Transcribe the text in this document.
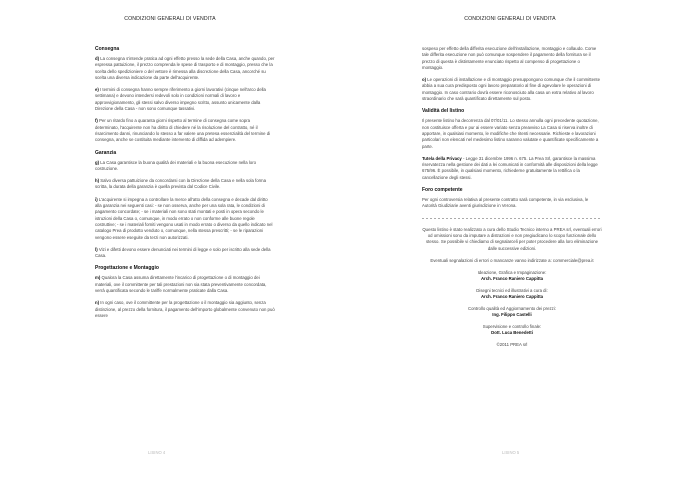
CONDIZIONI GENERALI DI VENDITA
Consegna

d) La consegna s'intende pratica ad ogni effetto presso la sede della Casa, anche quando, per espressa pattuizione, il prezzo comprenda le spese di trasporto e di montaggio, presso che la scelta dello spedizioniere o del vettore è rimessa alla discrezione della Casa, ancorché su scelta una diversa indicazione da parte dell'acquirente.

e) I termini di consegna hanno sempre riferimento a giorni lavorativi (cinque nell'arco della settimana) e devono intendersi redevoli solo in condizioni normali di lavoro e approvvigionamento, gli stessi salvo diverso impegno scritto, assunto unicamente dalla Direzione della Casa - non sono comunque tassativi.

f) Per un ritardo fino a quaranta giorni rispetto al termine di consegna come sopra determinato, l'acquirente non ha diritto di chiedere né la risoluzione del contratto, né il risarcimento danni, rinunciando lo stesso a far valere una pretesa essenzialità del termine di consegna, anche se costituita mediante intervento di diffida ad adempiere.

Garanzia

g) La Casa garantisce la buona qualità dei materiali e la buona esecuzione nella loro costruzione.

h) Salvo diversa pattuizione da concordarsi con la Direzione della Casa e nella sola forma scritta, la durata della garanzia è quella prevista dal Codice Civile.

i) L'acquirente si impegna a controllare la merce all'atto della consegna e decade dal diritto alla garanzia nei seguenti casi: - se non osserva, anche per una sola rata, le condizioni di pagamento concordate; - se i materiali non sono stati montati e posti in opera secondo le istruzioni della Casa o, comunque, in modo errato o non conforme alle buone regole costruttive; - se i materiali forniti vengono usati in modo errato o diverso da quello indicato nel catalogo Prea di prodotto venduto o, comunque, nella stessa prescritti; - se le riparazioni vengono essere eseguite da terzi non autorizzati.

l) Vizi e difetti devono essere denunciati nei termini di legge e solo per iscritto alla sede della Casa.

Progettazione e Montaggio

m) Qualora la Casa assuma direttamente l'incarico di progettazione o di montaggio dei materiali, ove il committente per tali prestazioni non sia stata preventivamente concordata, verrà quantificata secondo le tariffe normalmente praticate dalla Casa.

n) In ogni caso, ove il committente per la progettazione o il montaggio sia aggiunto, senza distinzione, al prezzo della fornitura, il pagamento dell'importo globalmente convenuto non può essere

LISINO 4
CONDIZIONI GENERALI DI VENDITA

sospeso per effetto della differita esecuzione dell'installazione, montaggio e collaudo. Come tale differita esecuzione non può comunque sospendere il pagamento della fornitura se il prezzo di questa è distintamente enunciato rispetto al compenso di progettazione o montaggio.

o) Le operazioni di installazione e di montaggio presuppongono comunque che il committente abbia a sua cura predisposto ogni lavoro preparatorio al fine di agevolare le operazioni di montaggio. In caso contrario dovrà essere riconosciuto alla casa un extra relativo al lavoro straordinario che sarà quantificato direttamente sul posto.

Validità del listino

Il presente listino ha decorrenza dal 07/01/11. Lo stesso annulla ogni precedente quotazione, non costituisce offerta e pur ai essere variato senza preavviso La Casa si riserva inoltre di apportare, in qualsiasi momento, le modifiche che ritenti necessarie. Richieste e lavorazioni particolari non elencati nel medesimo listino saranno valutate e quantificate specificamente a parte.

Tutela della Privacy - Legge 31 dicembre 1996 n. 675. La Prea Srl, garantisce la massima riservatezza nella gestione dei dati a lei comunicati in conformità alle disposizioni della legge 675/96. È possibile, in qualsiasi momento, richiederne gratuitamente la rettifica o la cancellazione degli stessi.

Foro competente

Per ogni controversia relativa al presente contratto sarà competente, in via esclusiva, le Autorità Giudiziarie aventi giurisdizione in Verona.

Questo listino è stato realizzato a cura dello Studio Tecnico interno a PREA srl, eventuali errori od omissioni sono da imputare a distrazioni e non pregiudicano lo scopo funzionale dello stesso. Se possibile vi chiediamo di segnalarceli per poter procedere alla loro eliminazione dalle successive edizioni.

Eventuali segnalazioni di errori o mancanze vanno indirizzate a: commerciale@prea.it

Ideazione, Grafica e Impaginazione:
Arch. Franco Raniero Cappitta
Disegni tecnici ed illustrativi a cura di:
Arch. Franco Raniero Cappitta
Controllo qualità ed Aggiornamento dei prezzi:
Ing. Filippo Castelli
Supervisione e controllo finale:
Dott. Luca Benedetti

©2011 PREA srl

LISINO 5
